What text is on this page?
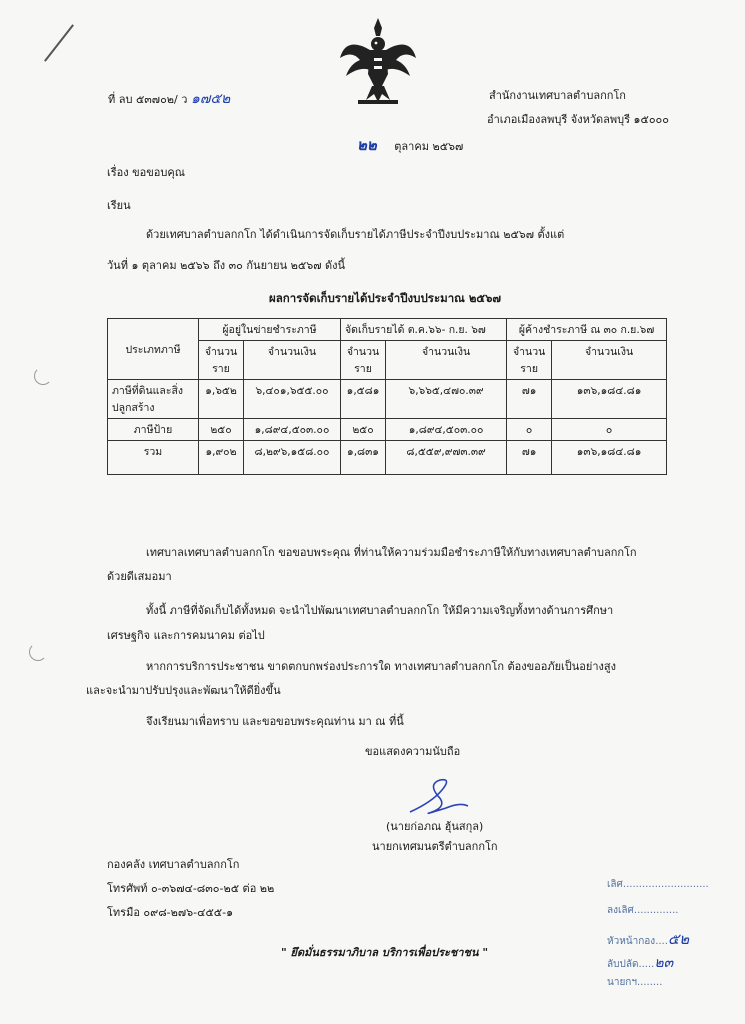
ที่ ลบ ๕๓๗๐๒/ ว ๑๗๕๒	สำนักงานเทศบาลตำบลกกโก
อำเภอเมืองลพบุรี จังหวัดลพบุรี ๑๕๐๐๐
๒๒ ตุลาคม ๒๕๖๗
เรื่อง ขอขอบคุณ
เรียน
ด้วยเทศบาลตำบลกกโก ได้ดำเนินการจัดเก็บรายได้ภาษีประจำปีงบประมาณ ๒๕๖๗ ตั้งแต่
วันที่ ๑ ตุลาคม ๒๕๖๖ ถึง ๓๐ กันยายน ๒๕๖๗ ดังนี้
ผลการจัดเก็บรายได้ประจำปีงบประมาณ ๒๕๖๗
ประเภทภาษี	ผู้อยู่ในข่ายชำระภาษี		จัดเก็บรายได้ ต.ค.๖๖- ก.ย. ๖๗		ผู้ค้างชำระภาษี ณ ๓๐ ก.ย.๖๗	
	จำนวน ราย	จำนวนเงิน	จำนวน ราย	จำนวนเงิน	จำนวน ราย	จำนวนเงิน
ภาษีที่ดินและสิ่งปลูกสร้าง	๑,๖๕๒	๖,๔๐๑,๖๕๕.๐๐	๑,๕๘๑	๖,๖๖๕,๔๗๐.๓๙	๗๑	๑๓๖,๑๘๔.๘๑
ภาษีป้าย	๒๕๐	๑,๘๙๔,๕๐๓.๐๐	๒๕๐	๑,๘๙๔,๕๐๓.๐๐	๐	๐
รวม	๑,๙๐๒	๘,๒๙๖,๑๕๘.๐๐	๑,๘๓๑	๘,๕๕๙,๙๗๓.๓๙	๗๑	๑๓๖,๑๘๔.๘๑
เทศบาลเทศบาลตำบลกกโก ขอขอบพระคุณ ที่ท่านให้ความร่วมมือชำระภาษีให้กับทางเทศบาลตำบลกกโก
ด้วยดีเสมอมา
ทั้งนี้ ภาษีที่จัดเก็บได้ทั้งหมด จะนำไปพัฒนาเทศบาลตำบลกกโก ให้มีความเจริญทั้งทางด้านการศึกษา
เศรษฐกิจ และการคมนาคม ต่อไป
หากการบริการประชาชน ขาดตกบกพร่องประการใด ทางเทศบาลตำบลกกโก ต้องขออภัยเป็นอย่างสูง
และจะนำมาปรับปรุงและพัฒนาให้ดียิ่งขึ้น
จึงเรียนมาเพื่อทราบ และขอขอบพระคุณท่าน มา ณ ที่นี้
ขอแสดงความนับถือ
(นายก่อภณ ฮุ้นสกุล)
นายกเทศมนตรีตำบลกกโก
กองคลัง เทศบาลตำบลกกโก
โทรศัพท์ ๐-๓๖๗๔-๘๓๐-๒๕ ต่อ ๒๒
โทรมือ ๐๙๘-๒๗๖-๔๕๕-๑
" ยึดมั่นธรรมาภิบาล บริการเพื่อประชาชน "
เลิศ...........................
ลงเลิศ..............
หัวหน้ากอง....๕๒
ลับปลัด.....๒๓
นายกฯ........
